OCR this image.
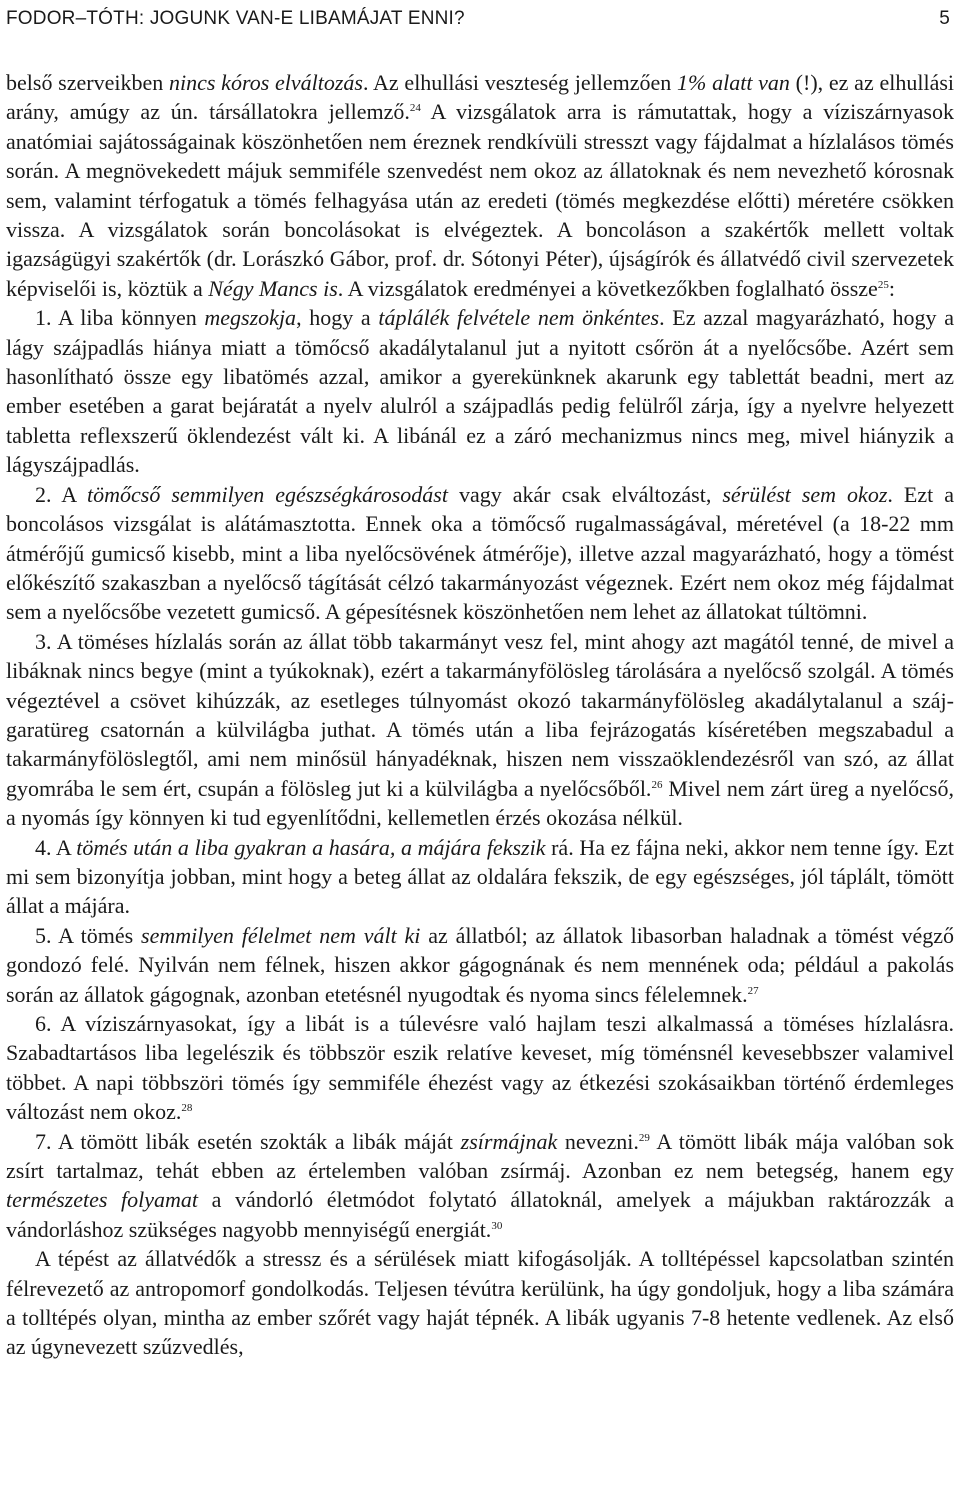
FODOR–TÓTH: JOGUNK VAN-E LIBAMÁJAT ENNI?	5

belső szerveikben nincs kóros elváltozás. Az elhullási veszteség jellemzően 1% alatt van (!), ez az elhullási arány, amúgy az ún. társállatokra jellemző.$^{24}$ A vizsgálatok arra is rámutattak, hogy a víziszárnyasok anatómiai sajátosságainak köszönhetően nem éreznek rendkívüli stresszt vagy fájdalmat a hízlalásos tömés során. A megnövekedett májuk semmiféle szenvedést nem okoz az állatoknak és nem nevezhető kórosnak sem, valamint térfogatuk a tömés felhagyása után az eredeti (tömés megkezdése előtti) méretére csökken vissza. A vizsgálatok során boncolásokat is elvégeztek. A boncoláson a szakértők mellett voltak igazságügyi szakértők (dr. Lorászkó Gábor, prof. dr. Sótonyi Péter), újságírók és állatvédő civil szervezetek képviselői is, köztük a Négy Mancs is. A vizsgálatok eredményei a következőkben foglalható össze$^{25}$:

1. A liba könnyen megszokja, hogy a táplálék felvétele nem önkéntes. Ez azzal magyarázható, hogy a lágy szájpadlás hiánya miatt a tömőcső akadálytalanul jut a nyitott csőrön át a nyelőcsőbe. Azért sem hasonlítható össze egy libatömés azzal, amikor a gyerekünknek akarunk egy tablettát beadni, mert az ember esetében a garat bejáratát a nyelv alulról a szájpadlás pedig felülről zárja, így a nyelvre helyezett tabletta reflexszerű öklendezést vált ki. A libánál ez a záró mechanizmus nincs meg, mivel hiányzik a lágyszájpadlás.

2. A tömőcső semmilyen egészségkárosodást vagy akár csak elváltozást, sérülést sem okoz. Ezt a boncolásos vizsgálat is alátámasztotta. Ennek oka a tömőcső rugalmasságával, méretével (a 18-22 mm átmérőjű gumicső kisebb, mint a liba nyelőcsövének átmérője), illetve azzal magyarázható, hogy a tömést előkészítő szakaszban a nyelőcső tágítását célzó takarmányozást végeznek. Ezért nem okoz még fájdalmat sem a nyelőcsőbe vezetett gumicső. A gépesítésnek köszönhetően nem lehet az állatokat túltömni.

3. A töméses hízlalás során az állat több takarmányt vesz fel, mint ahogy azt magától tenné, de mivel a libáknak nincs begye (mint a tyúkoknak), ezért a takarmányfölösleg tárolására a nyelőcső szolgál. A tömés végeztével a csövet kihúzzák, az esetleges túlnyomást okozó takarmányfölösleg akadálytalanul a száj-garatüreg csatornán a külvilágba juthat. A tömés után a liba fejrázogatás kíséretében megszabadul a takarmányfölöslegtől, ami nem minősül hányadéknak, hiszen nem visszaöklendezésről van szó, az állat gyomrába le sem ért, csupán a fölösleg jut ki a külvilágba a nyelőcsőből.$^{26}$ Mivel nem zárt üreg a nyelőcső, a nyomás így könnyen ki tud egyenlítődni, kellemetlen érzés okozása nélkül.

4. A tömés után a liba gyakran a hasára, a májára fekszik rá. Ha ez fájna neki, akkor nem tenne így. Ezt mi sem bizonyítja jobban, mint hogy a beteg állat az oldalára fekszik, de egy egészséges, jól táplált, tömött állat a májára.

5. A tömés semmilyen félelmet nem vált ki az állatból; az állatok libasorban haladnak a tömést végző gondozó felé. Nyilván nem félnek, hiszen akkor gágognának és nem mennének oda; például a pakolás során az állatok gágognak, azonban etetésnél nyugodtak és nyoma sincs félelemnek.$^{27}$

6. A víziszárnyasokat, így a libát is a túlevésre való hajlam teszi alkalmassá a töméses hízlalásra. Szabadtartásos liba legelészik és többször eszik relatíve keveset, míg töménsnél kevesebbszer valamivel többet. A napi többszöri tömés így semmiféle éhezést vagy az étkezési szokásaikban történő érdemleges változást nem okoz.$^{28}$

7. A tömött libák esetén szokták a libák máját zsírmájnak nevezni.$^{29}$ A tömött libák mája valóban sok zsírt tartalmaz, tehát ebben az értelemben valóban zsírmáj. Azonban ez nem betegség, hanem egy természetes folyamat a vándorló életmódot folytató állatoknál, amelyek a májukban raktározzák a vándorláshoz szükséges nagyobb mennyiségű energiát.$^{30}$

A tépést az állatvédők a stressz és a sérülések miatt kifogásolják. A tolltépéssel kapcsolatban szintén félrevezető az antropomorf gondolkodás. Teljesen tévútra kerülünk, ha úgy gondoljuk, hogy a liba számára a tolltépés olyan, mintha az ember szőrét vagy haját tépnék. A libák ugyanis 7-8 hetente vedlenek. Az első az úgynevezett szűzvedlés,
